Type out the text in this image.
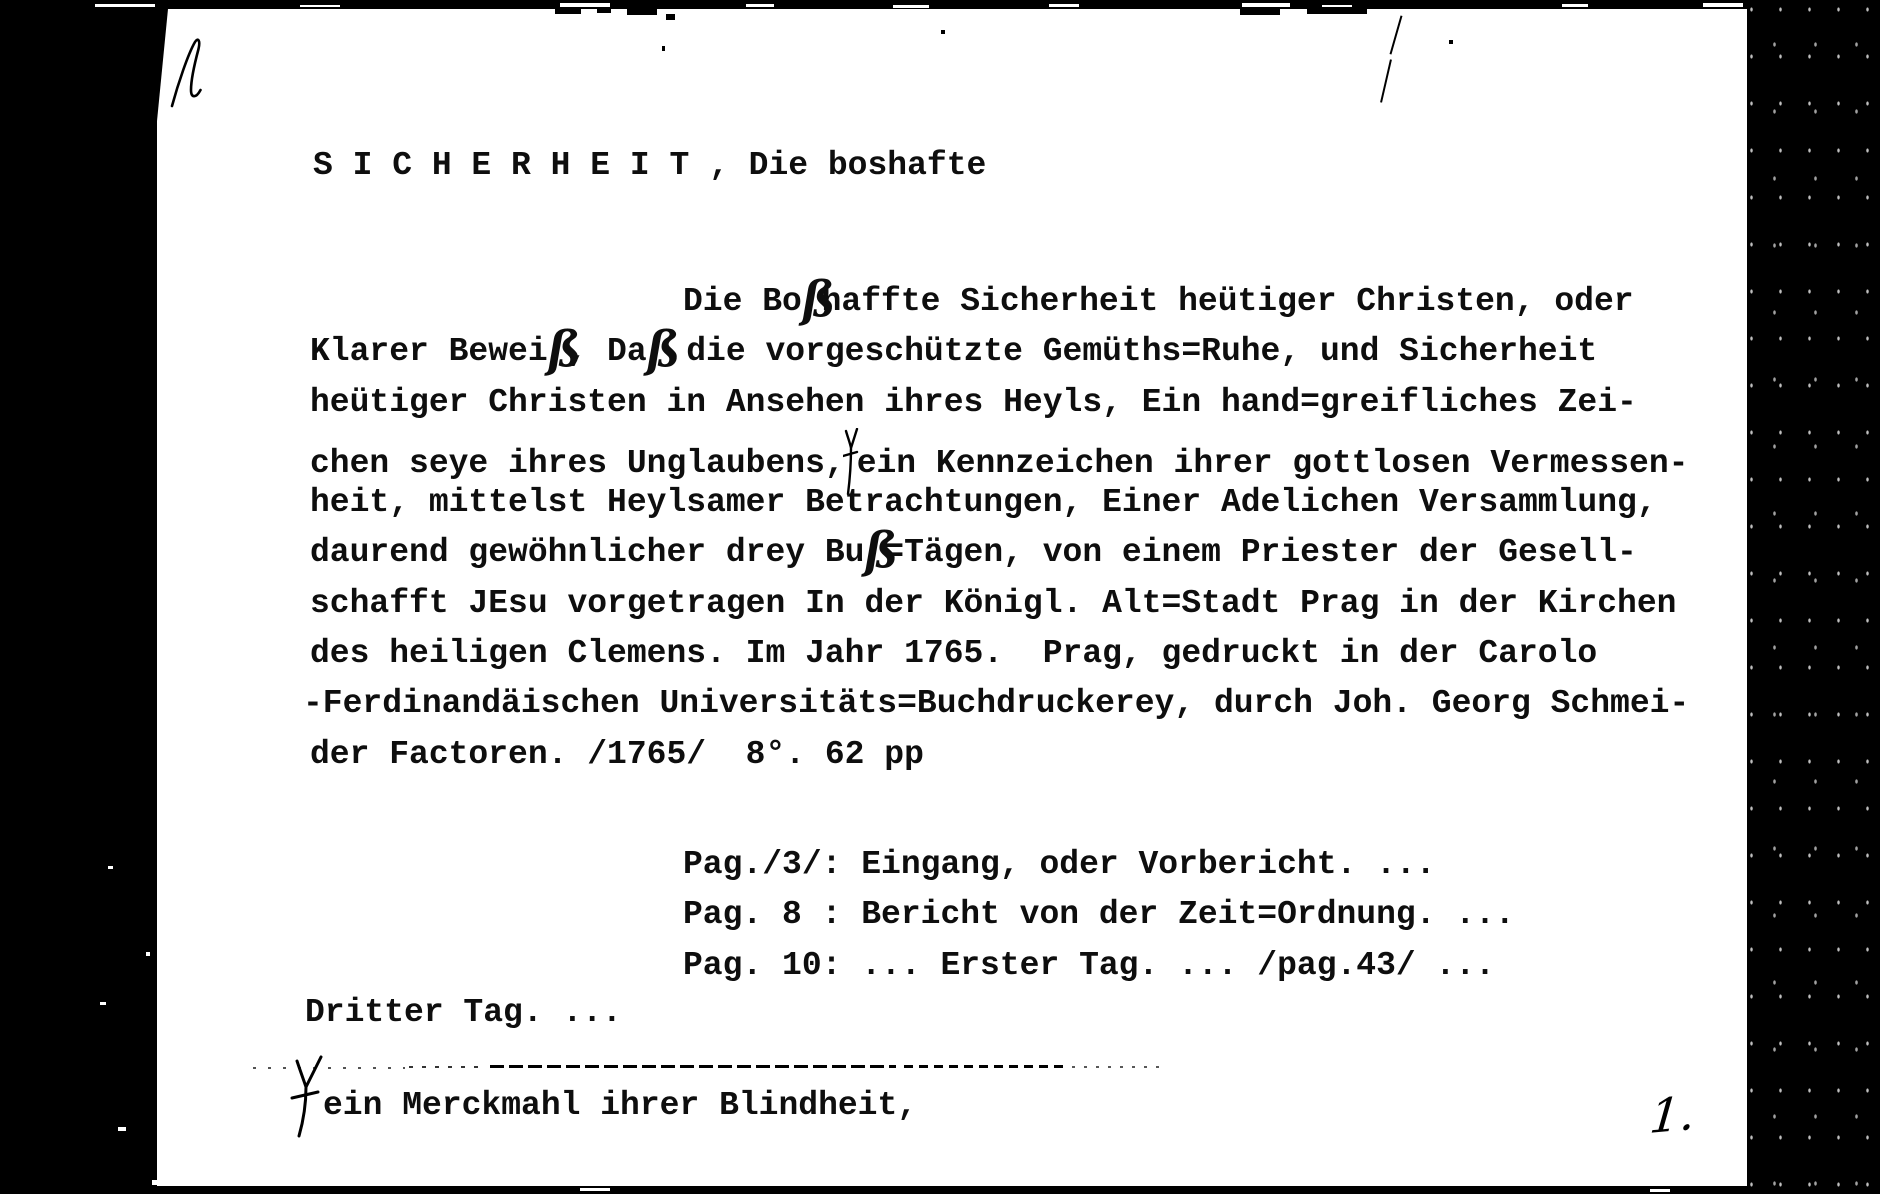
S I C H E R H E I T , Die boshafte
Die Boßhaffte Sicherheit heütiger Christen, oder
Klarer Beweiß, Daß die vorgeschützte Gemüths=Ruhe, und Sicherheit
heütiger Christen in Ansehen ihres Heyls, Ein hand=greifliches Zei-
chen seye ihres Unglaubens, ein Kennzeichen ihrer gottlosen Vermessen-
heit, mittelst Heylsamer Betrachtungen, Einer Adelichen Versammlung,
daurend gewöhnlicher drey Buß=Tägen, von einem Priester der Gesell-
schafft JEsu vorgetragen In der Königl. Alt=Stadt Prag in der Kirchen
des heiligen Clemens. Im Jahr 1765.  Prag, gedruckt in der Carolo
-Ferdinandäischen Universitäts=Buchdruckerey, durch Joh. Georg Schmei-
der Factoren. /1765/  8°. 62 pp
Pag./3/: Eingang, oder Vorbericht. ...
Pag. 8 : Bericht von der Zeit=Ordnung. ...
Pag. 10: ... Erster Tag. ... /pag.43/ ...
Dritter Tag. ...
ein Merckmahl ihrer Blindheit,	1.
